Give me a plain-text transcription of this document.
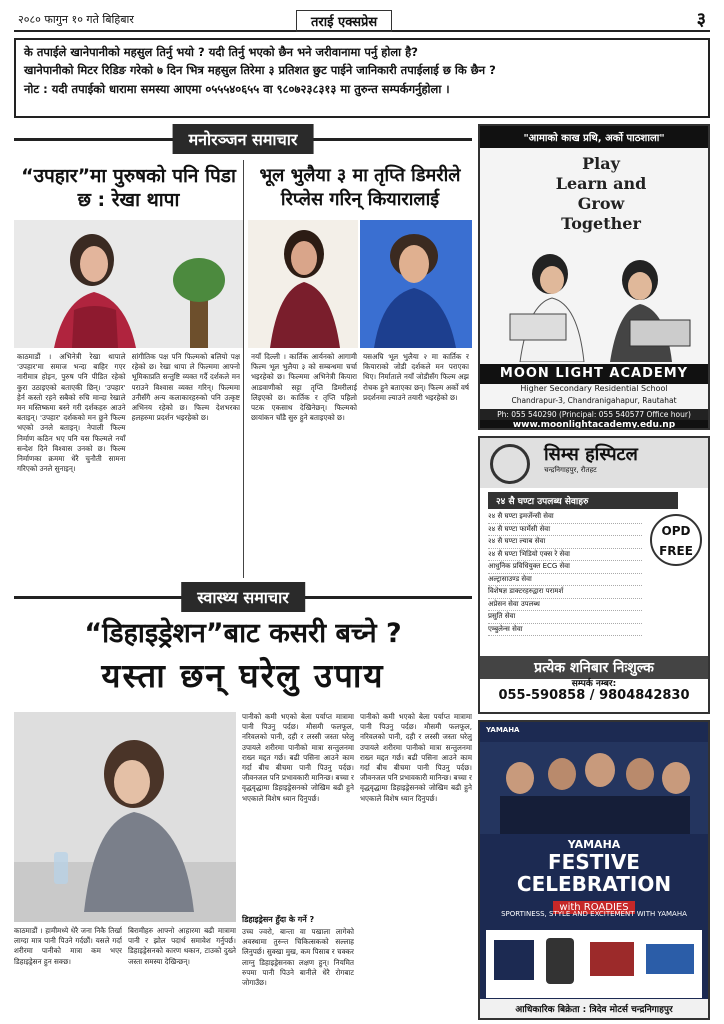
२०८० फागुन १० गते बिहिबार	तराई एक्सप्रेस	३

के तपाईले खानेपानीको महसुल तिर्नु भयो ? यदी तिर्नु भएको छैन भने जरीवानामा पर्नु होला है?

खानेपानीको मिटर रिडिङ गरेको ७ दिन भित्र महसुल तिरेमा ३ प्रतिशत छुट पाईने जानिकारी तपाईलाई छ कि छैन ?

नोट : यदी तपाईको धारामा समस्या आएमा ०५५५४०६५५ वा ९८०७२३८३१३ मा तुरुन्त सम्पर्कगर्नुहोला ।

मनोरञ्जन समाचार
“उपहार”मा पुरुषको पनि पिडा छ : रेखा थापा
काठमाडौं । अभिनेत्री रेखा थापाले 'उपहार'मा समाज भन्दा बाहिर गएर नारीमात्र होइन, पुरुष पनि पीडित रहेको कुरा उठाइएको बताएकी छिन्। 'उपहार' हेर्न कस्तो रहने सबैको रुचि मान्दा रेखाले मन मस्तिष्कमा बस्ने गरी दर्शकहरु आउने बताइन्। 'उपहार' दर्शकको मन छुने फिल्म भएको उनले बताइन्। नेपाली फिल्म निर्माण कठिन भए पनि यस फिल्मले नयाँ सन्देश दिने विश्वास उनको छ। फिल्म निर्माणका क्रममा धेरै चुनौती सामना गरिएको उनले सुनाइन्।
सांगीतिक पक्ष पनि फिल्मको बलियो पक्ष रहेको छ। रेखा थापा ले फिल्ममा आफ्नो भूमिकाप्रति सन्तुष्टि व्यक्त गर्दै दर्शकले मन पराउने विश्वास व्यक्त गरिन्। फिल्ममा उनीसँगै अन्य कलाकारहरुको पनि उत्कृष्ट अभिनय रहेको छ। फिल्म देशभरका हलहरुमा प्रदर्शन भइरहेको छ।
भूल भुलैया ३ मा तृप्ति डिमरीले रिप्लेस गरिन् कियारालाई
नयाँ दिल्ली । कार्तिक आर्यनको आगामी फिल्म भूल भुलैया ३ को सम्बन्धमा चर्चा भइरहेको छ। फिल्ममा अभिनेत्री कियारा आडवाणीको सट्टा तृप्ति डिमरीलाई लिइएको छ। कार्तिक र तृप्ति पहिलो पटक एकसाथ देखिनेछन्। फिल्मको छायांकन चाँडै सुरु हुने बताइएको छ।
यसअघि भूल भुलैया २ मा कार्तिक र कियाराको जोडी दर्शकले मन पराएका थिए। निर्माताले नयाँ जोडीसँग फिल्म अझ रोचक हुने बताएका छन्। फिल्म अर्को वर्ष प्रदर्शनमा ल्याउने तयारी भइरहेको छ।
स्वास्थ्य समाचार
“डिहाइड्रेशन”बाट कसरी बच्ने ?
यस्ता छन् घरेलु उपाय
काठमाडौं । हामीमध्ये धेरै जना निकै तिर्खा लाग्दा मात्र पानी पिउने गर्दछौं। यसले गर्दा शरीरमा पानीको मात्रा कम भएर डिहाइड्रेसन हुन सक्छ।
बिरामीहरु आफ्नो आहारमा बढी मात्रामा पानी र झोल पदार्थ समावेश गर्नुपर्छ। डिहाइड्रेसनको कारण थकान, टाउको दुख्ने जस्ता समस्या देखिन्छन्।
पानीको कमी भएको बेला पर्याप्त मात्रामा पानी पिउनु पर्दछ। मौसमी फलफूल, नरिवलको पानी, दही र लस्सी जस्ता घरेलु उपायले शरीरमा पानीको मात्रा सन्तुलनमा राख्न मद्दत गर्छ। बढी पसिना आउने काम गर्दा बीच बीचमा पानी पिउनु पर्दछ। जीवनजल पनि प्रभावकारी मानिन्छ। बच्चा र वृद्धवृद्धामा डिहाइड्रेसनको जोखिम बढी हुने भएकाले विशेष ध्यान दिनुपर्छ।
डिहाइड्रेसन हुँदा के गर्ने ?
उच्च ज्वरो, बान्ता वा पखाला लागेको अवस्थामा तुरुन्त चिकित्सकको सल्लाह लिनुपर्छ। सुक्खा मुख, कम पिसाब र चक्कर लाग्नु डिहाइड्रेसनका लक्षण हुन्। नियमित रुपमा पानी पिउने बानीले धेरै रोगबाट जोगाउँछ।
पानीको कमी भएको बेला पर्याप्त मात्रामा पानी पिउनु पर्दछ। मौसमी फलफूल, नरिवलको पानी, दही र लस्सी जस्ता घरेलु उपायले शरीरमा पानीको मात्रा सन्तुलनमा राख्न मद्दत गर्छ। बढी पसिना आउने काम गर्दा बीच बीचमा पानी पिउनु पर्दछ। जीवनजल पनि प्रभावकारी मानिन्छ। बच्चा र वृद्धवृद्धामा डिहाइड्रेसनको जोखिम बढी हुने भएकाले विशेष ध्यान दिनुपर्छ।
"आमाको काख प्रथि, अर्को पाठशाला"
Play
Learn and
Grow
Together
MOON LIGHT ACADEMY
Higher Secondary Residential School
Chandrapur-3, Chandranigahapur, Rautahat
Ph: 055 540290 (Principal: 055 540577 Office hour)
www.moonlightacademy.edu.np
सिम्स हस्पिटल
चन्द्रनिगाहपुर, रौतहट
२४ सै घण्टा उपलब्ध सेवाहरु
२४ सै घण्टा इमर्जेन्सी सेवा
२४ सै घण्टा फार्मेसी सेवा
२४ सै घण्टा ल्याब सेवा
२४ सै घण्टा भिडियो एक्स रे सेवा
आधुनिक प्रविधियुक्त ECG सेवा
अल्ट्रासाउण्ड सेवा
विशेषज्ञ डाक्टरहरुद्वारा परामर्श
अप्रेसन सेवा उपलब्ध
प्रसुति सेवा
एम्बुलेन्स सेवा
OPD
FREE
प्रत्येक शनिबार निःशुल्क
सम्पर्क नम्बर:
055-590858 / 9804842830
YAMAHA
YAMAHA
FESTIVE
CELEBRATION
with ROADIES
SPORTINESS, STYLE AND EXCITEMENT WITH YAMAHA
आधिकारिक बिक्रेता : त्रिदेव मोटर्स चन्द्रनिगाहपुर
